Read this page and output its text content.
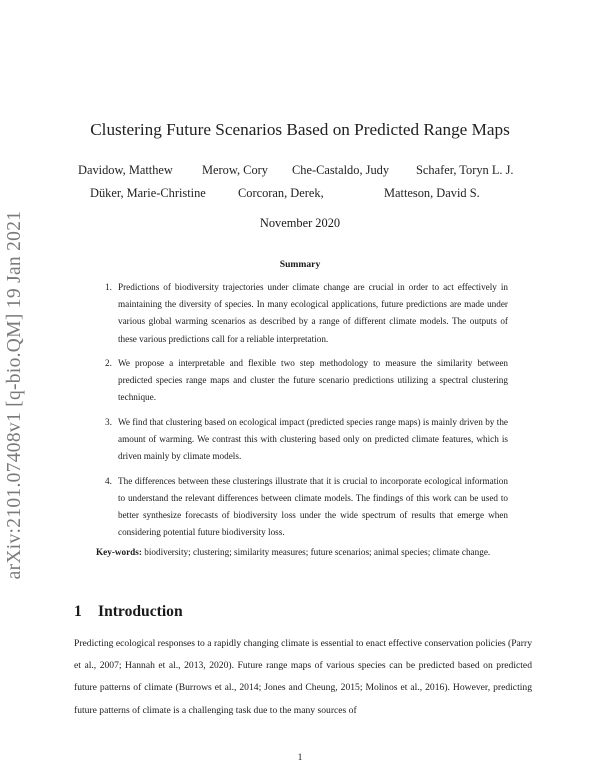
arXiv:2101.07408v1 [q-bio.QM] 19 Jan 2021
Clustering Future Scenarios Based on Predicted Range Maps
Davidow, Matthew Merow, Cory Che-Castaldo, Judy Schafer, Toryn L. J.
Düker, Marie-Christine	Corcoran, Derek,	Matteson, David S.
November 2020
Summary
1. Predictions of biodiversity trajectories under climate change are crucial in order to act effectively in maintaining the diversity of species. In many ecological applications, future predictions are made under various global warming scenarios as described by a range of different climate models. The outputs of these various predictions call for a reliable interpretation.
2. We propose a interpretable and flexible two step methodology to measure the similarity between predicted species range maps and cluster the future scenario predictions utilizing a spectral clustering technique.
3. We find that clustering based on ecological impact (predicted species range maps) is mainly driven by the amount of warming. We contrast this with clustering based only on predicted climate features, which is driven mainly by climate models.
4. The differences between these clusterings illustrate that it is crucial to incorporate ecological information to understand the relevant differences between climate models. The findings of this work can be used to better synthesize forecasts of biodiversity loss under the wide spectrum of results that emerge when considering potential future biodiversity loss.
Key-words: biodiversity; clustering; similarity measures; future scenarios; animal species; climate change.
1 Introduction
Predicting ecological responses to a rapidly changing climate is essential to enact effective conservation policies (Parry et al., 2007; Hannah et al., 2013, 2020). Future range maps of various species can be predicted based on predicted future patterns of climate (Burrows et al., 2014; Jones and Cheung, 2015; Molinos et al., 2016). However, predicting future patterns of climate is a challenging task due to the many sources of
1
